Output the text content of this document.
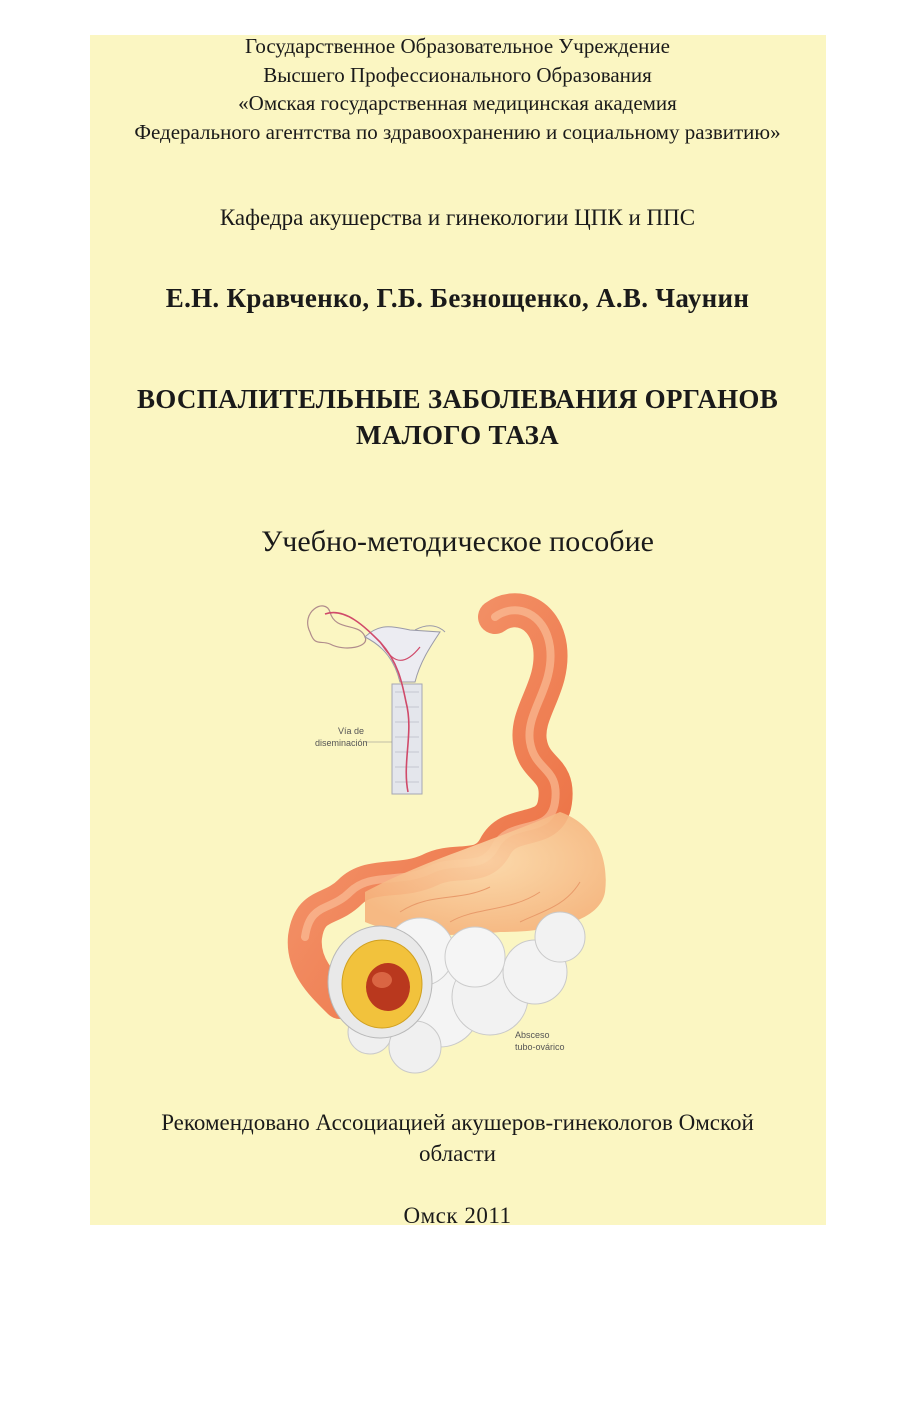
Государственное Образовательное Учреждение
Высшего Профессионального Образования
«Омская государственная медицинская академия
Федерального агентства по здравоохранению и социальному развитию»
Кафедра акушерства и гинекологии ЦПК и ППС
Е.Н. Кравченко, Г.Б. Безнощенко, А.В. Чаунин
ВОСПАЛИТЕЛЬНЫЕ ЗАБОЛЕВАНИЯ ОРГАНОВ
МАЛОГО ТАЗА
Учебно-методическое пособие
Vía de
diseminación
Absceso
tubo-ovárico
Рекомендовано Ассоциацией акушеров-гинекологов Омской
области
Омск 2011
